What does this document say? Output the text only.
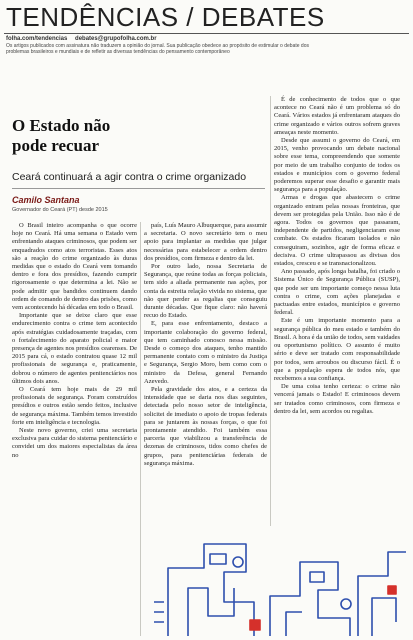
TENDÊNCIAS / DEBATES
folha.com/tendencias debates@grupofolha.com.br
Os artigos publicados com assinatura não traduzem a opinião do jornal. Sua publicação obedece ao propósito de estimular o debate dos problemas brasileiros e mundiais e de refletir as diversas tendências do pensamento contemporâneo
O Estado não pode recuar
Ceará continuará a agir contra o crime organizado
Camilo Santana
Governador do Ceará (PT) desde 2015

O Brasil inteiro acompanha o que ocorre hoje no Ceará. Há uma semana o Estado vem enfrentando ataques criminosos, que podem ser enquadrados como atos terroristas. Esses atos são a reação do crime organizado às duras medidas que o estado do Ceará vem tomando dentro e fora dos presídios, fazendo cumprir rigorosamente o que determina a lei. Não se pode admitir que bandidos continuem dando ordem de comando de dentro das prisões, como vem acontecendo há décadas em todo o Brasil.

Importante que se deixe claro que esse endurecimento contra o crime tem acontecido após estratégias cuidadosamente traçadas, com o fortalecimento do aparato policial e maior presença de agentes nos presídios cearenses. De 2015 para cá, o estado contratou quase 12 mil profissionais de segurança e, praticamente, dobrou o número de agentes penitenciários nos últimos dois anos.

O Ceará tem hoje mais de 29 mil profissionais de segurança. Foram construídos presídios e outros estão sendo feitos, inclusive de segurança máxima. Também temos investido forte em inteligência e tecnologia.

Neste novo governo, criei uma secretaria exclusiva para cuidar do sistema penitenciário e convidei um dos maiores especialistas da área no

país, Luís Mauro Albuquerque, para assumir a secretaria. O novo secretário tem o meu apoio para implantar as medidas que julgar necessárias para estabelecer a ordem dentro dos presídios, com firmeza e dentro da lei.

Por outro lado, nossa Secretaria de Segurança, que reúne todas as forças policiais, tem sido a aliada permanente nas ações, por conta da estreita relação vivida no sistema, que não quer perder as regalias que conseguiu durante décadas. Que fique claro: não haverá recuo do Estado.

E, para esse enfrentamento, destaco a importante colaboração do governo federal, que tem caminhado conosco nessa missão. Desde o começo dos ataques, tenho mantido permanente contato com o ministro da Justiça e Segurança, Sergio Moro, bem como com o ministro da Defesa, general Fernando Azevedo.

Pela gravidade dos atos, e a certeza da intensidade que se daria nos dias seguintes, detectada pelo nosso setor de inteligência, solicitei de imediato o apoio de tropas federais para se juntarem às nossas forças, o que foi prontamente atendido. Foi também essa parceria que viabilizou a transferência de dezenas de criminosos, tidos como chefes de grupos, para penitenciárias federais de segurança máxima.

É de conhecimento de todos que o que acontece no Ceará não é um problema só do Ceará. Vários estados já enfrentaram ataques do crime organizado e vários outros sofrem graves ameaças neste momento.

Desde que assumi o governo do Ceará, em 2015, venho provocando um debate nacional sobre esse tema, compreendendo que somente por meio de um trabalho conjunto de todos os estados e municípios com o governo federal poderemos superar esse desafio e garantir mais segurança para a população.

Armas e drogas que abastecem o crime organizado entram pelas nossas fronteiras, que devem ser protegidas pela União. Isso não é de agora. Todos os governos que passaram, independente de partidos, negligenciaram esse combate. Os estados ficaram isolados e não conseguiram, sozinhos, agir de forma eficaz e decisiva. O crime ultrapassou as divisas dos estados, cresceu e se transnacionalizou.

Ano passado, após longa batalha, foi criado o Sistema Único de Segurança Pública (SUSP), que pode ser um importante começo nessa luta contra o crime, com ações planejadas e pactuadas entre estados, municípios e governo federal.

Este é um importante momento para a segurança pública do meu estado e também do Brasil. A hora é da união de todos, sem vaidades ou oportunismo político. O assunto é muito sério e deve ser tratado com responsabilidade por todos, sem arroubos ou discurso fácil. É o que a população espera de todos nós, que recebemos a sua confiança.

De uma coisa tenho certeza: o crime não vencerá jamais o Estado! E criminosos devem ser tratados como criminosos, com firmeza e dentro da lei, sem acordos ou regalias.
